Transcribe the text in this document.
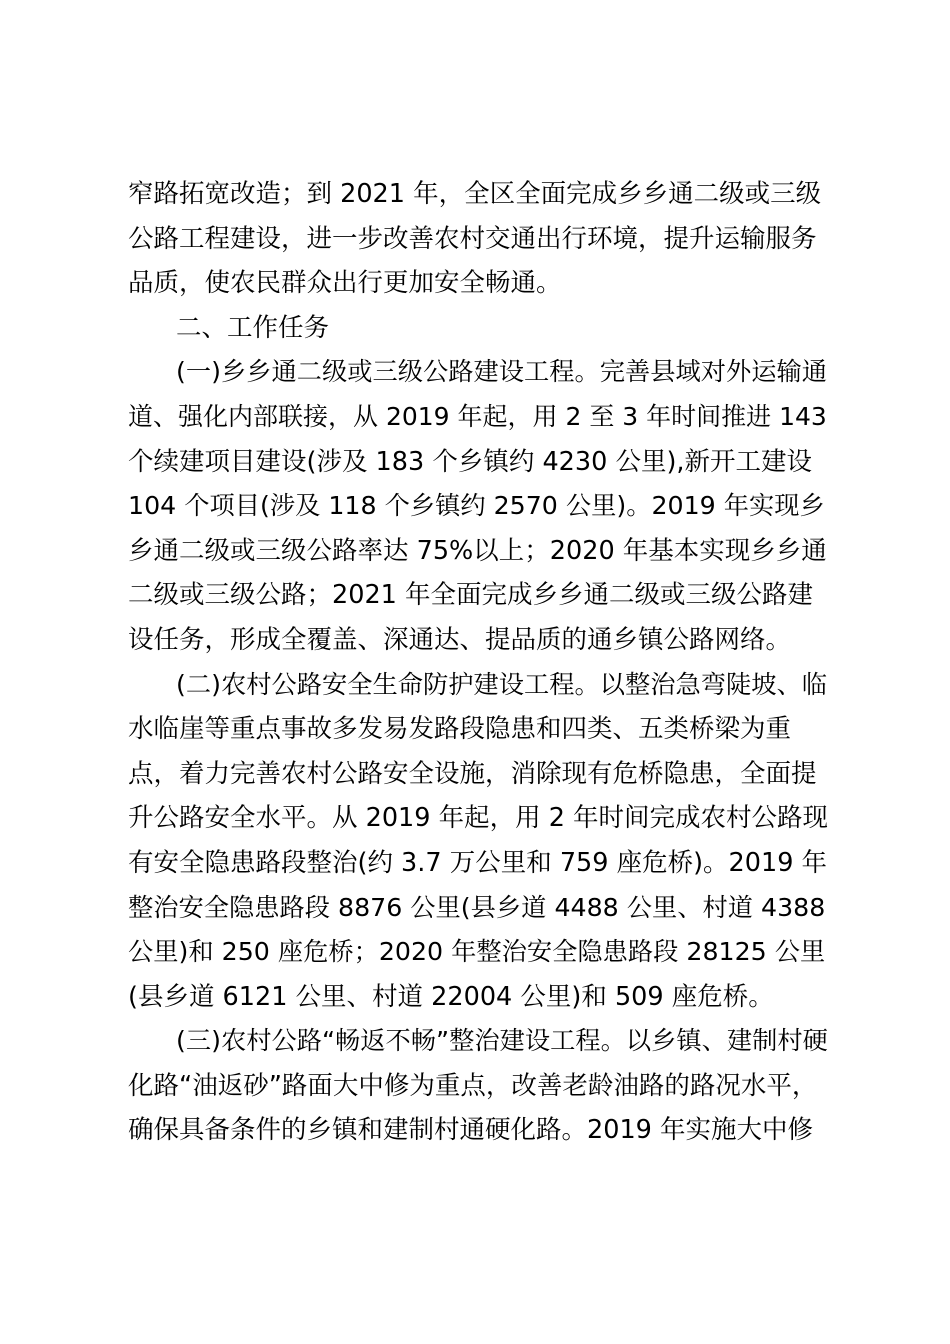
窄路拓宽改造；到 2021 年，全区全面完成乡乡通二级或三级
公路工程建设，进一步改善农村交通出行环境，提升运输服务
品质，使农民群众出行更加安全畅通。
二、工作任务
(一)乡乡通二级或三级公路建设工程。完善县域对外运输通
道、强化内部联接，从 2019 年起，用 2 至 3 年时间推进 143
个续建项目建设(涉及 183 个乡镇约 4230 公里),新开工建设
104 个项目(涉及 118 个乡镇约 2570 公里)。2019 年实现乡
乡通二级或三级公路率达 75%以上；2020 年基本实现乡乡通
二级或三级公路；2021 年全面完成乡乡通二级或三级公路建
设任务，形成全覆盖、深通达、提品质的通乡镇公路网络。
(二)农村公路安全生命防护建设工程。以整治急弯陡坡、临
水临崖等重点事故多发易发路段隐患和四类、五类桥梁为重
点，着力完善农村公路安全设施，消除现有危桥隐患，全面提
升公路安全水平。从 2019 年起，用 2 年时间完成农村公路现
有安全隐患路段整治(约 3.7 万公里和 759 座危桥)。2019 年
整治安全隐患路段 8876 公里(县乡道 4488 公里、村道 4388
公里)和 250 座危桥；2020 年整治安全隐患路段 28125 公里
(县乡道 6121 公里、村道 22004 公里)和 509 座危桥。
(三)农村公路“畅返不畅”整治建设工程。以乡镇、建制村硬
化路“油返砂”路面大中修为重点，改善老龄油路的路况水平，
确保具备条件的乡镇和建制村通硬化路。2019 年实施大中修
